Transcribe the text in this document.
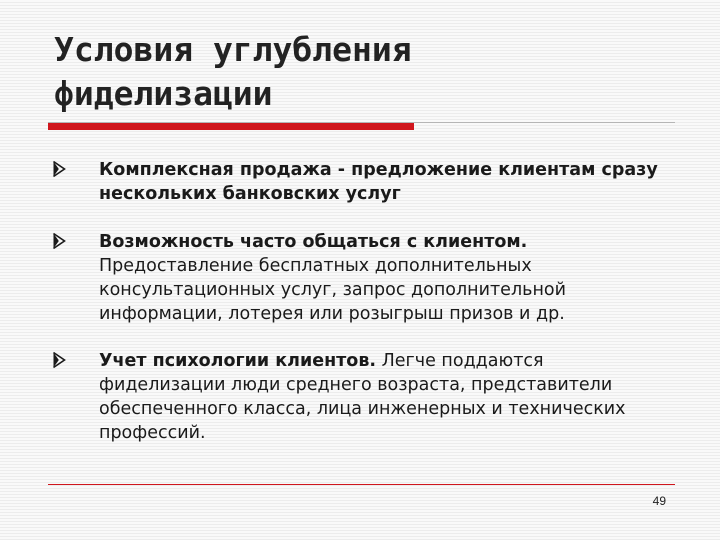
Условия углубления
фиделизации
Комплексная продажа - предложение клиентам сразу нескольких банковских услуг
Возможность часто общаться с клиентом. Предоставление бесплатных дополнительных консультационных услуг, запрос дополнительной информации, лотерея или розыгрыш призов и др.
Учет психологии клиентов. Легче поддаются фиделизации люди среднего возраста, представители обеспеченного класса, лица инженерных и технических профессий.
49
